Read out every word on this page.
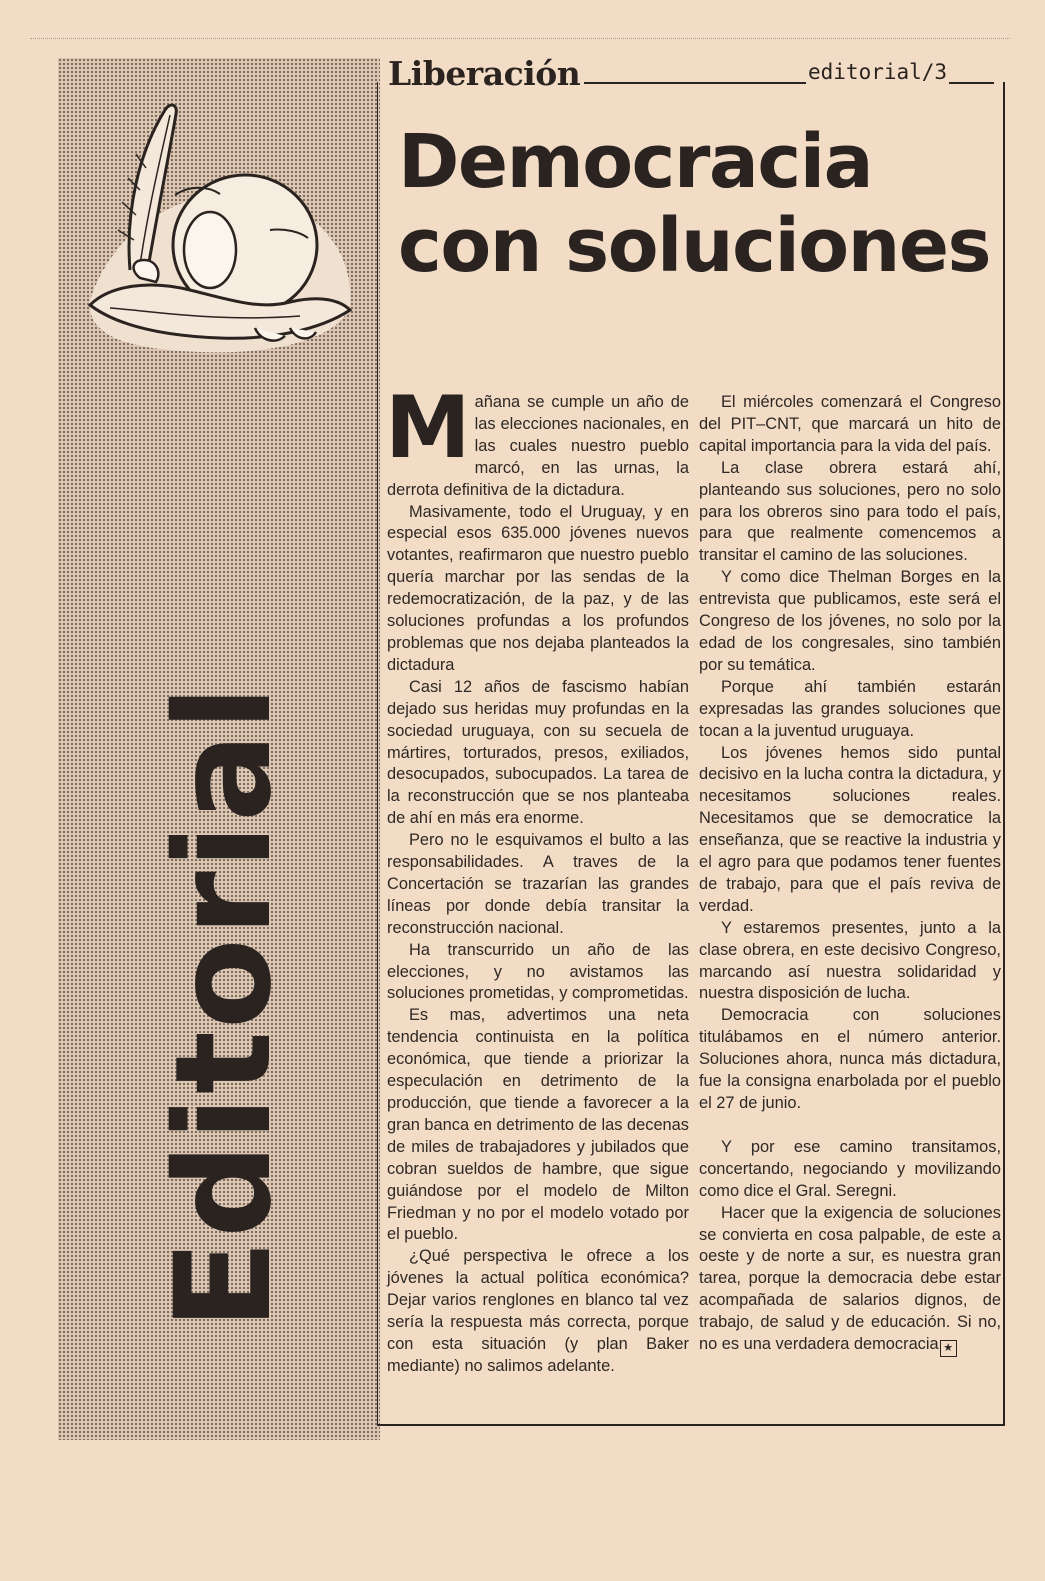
Editorial
Liberación	editorial/3
Democracia
con soluciones

Mañana se cumple un año de las elecciones nacionales, en las cuales nuestro pueblo marcó, en las urnas, la derrota definitiva de la dictadura.

Masivamente, todo el Uruguay, y en especial esos 635.000 jóvenes nuevos votantes, reafirmaron que nuestro pueblo quería marchar por las sendas de la redemocratización, de la paz, y de las soluciones profundas a los profundos problemas que nos dejaba planteados la dictadura

Casi 12 años de fascismo habían dejado sus heridas muy profundas en la sociedad uruguaya, con su secuela de mártires, torturados, presos, exiliados, desocupados, subocupados. La tarea de la reconstrucción que se nos planteaba de ahí en más era enorme.

Pero no le esquivamos el bulto a las responsabilidades. A traves de la Concertación se trazarían las grandes líneas por donde debía transitar la reconstrucción nacional.

Ha transcurrido un año de las elecciones, y no avistamos las soluciones prometidas, y comprometidas.

Es mas, advertimos una neta tendencia continuista en la política económica, que tiende a priorizar la especulación en detrimento de la producción, que tiende a favorecer a la gran banca en detrimento de las decenas de miles de trabajadores y jubilados que cobran sueldos de hambre, que sigue guiándose por el modelo de Milton Friedman y no por el modelo votado por el pueblo.

¿Qué perspectiva le ofrece a los jóvenes la actual política económica? Dejar varios renglones en blanco tal vez sería la respuesta más correcta, porque con esta situación (y plan Baker mediante) no salimos adelante.

El miércoles comenzará el Congreso del PIT–CNT, que marcará un hito de capital importancia para la vida del país.

La clase obrera estará ahí, planteando sus soluciones, pero no solo para los obreros sino para todo el país, para que realmente comencemos a transitar el camino de las soluciones.

Y como dice Thelman Borges en la entrevista que publicamos, este será el Congreso de los jóvenes, no solo por la edad de los congresales, sino también por su temática.

Porque ahí también estarán expresadas las grandes soluciones que tocan a la juventud uruguaya.

Los jóvenes hemos sido puntal decisivo en la lucha contra la dictadura, y necesitamos soluciones reales. Necesitamos que se democratice la enseñanza, que se reactive la industria y el agro para que podamos tener fuentes de trabajo, para que el país reviva de verdad.

Y estaremos presentes, junto a la clase obrera, en este decisivo Congreso, marcando así nuestra solidaridad y nuestra disposición de lucha.

Democracia con soluciones titulábamos en el número anterior. Soluciones ahora, nunca más dictadura, fue la consigna enarbolada por el pueblo el 27 de junio.

Y por ese camino transitamos, concertando, negociando y movilizando como dice el Gral. Seregni.

Hacer que la exigencia de soluciones se convierta en cosa palpable, de este a oeste y de norte a sur, es nuestra gran tarea, porque la democracia debe estar acompañada de salarios dignos, de trabajo, de salud y de educación. Si no, no es una verdadera democracia ★
